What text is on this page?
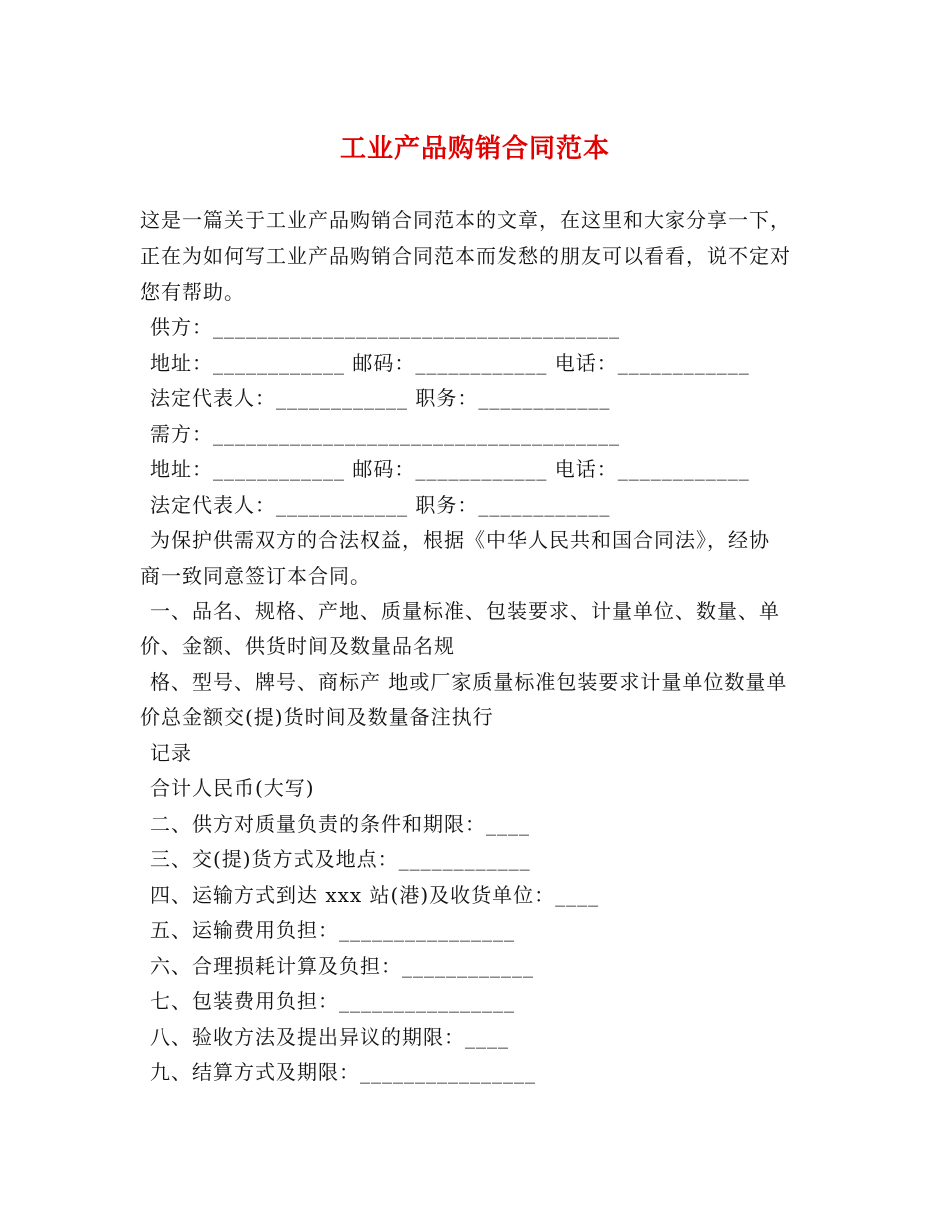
工业产品购销合同范本
这是一篇关于工业产品购销合同范本的文章，在这里和大家分享一下，
正在为如何写工业产品购销合同范本而发愁的朋友可以看看，说不定对
您有帮助。
供方：_____________________________________
地址：____________ 邮码：____________ 电话：____________
法定代表人：____________ 职务：____________
需方：_____________________________________
地址：____________ 邮码：____________ 电话：____________
法定代表人：____________ 职务：____________
为保护供需双方的合法权益，根据《中华人民共和国合同法》，经协
商一致同意签订本合同。
一、品名、规格、产地、质量标准、包装要求、计量单位、数量、单
价、金额、供货时间及数量品名规
格、型号、牌号、商标产 地或厂家质量标准包装要求计量单位数量单
价总金额交(提)货时间及数量备注执行
记录
合计人民币(大写)
二、供方对质量负责的条件和期限：____
三、交(提)货方式及地点：____________
四、运输方式到达 xxx 站(港)及收货单位：____
五、运输费用负担：________________
六、合理损耗计算及负担：____________
七、包装费用负担：________________
八、验收方法及提出异议的期限：____
九、结算方式及期限：________________
